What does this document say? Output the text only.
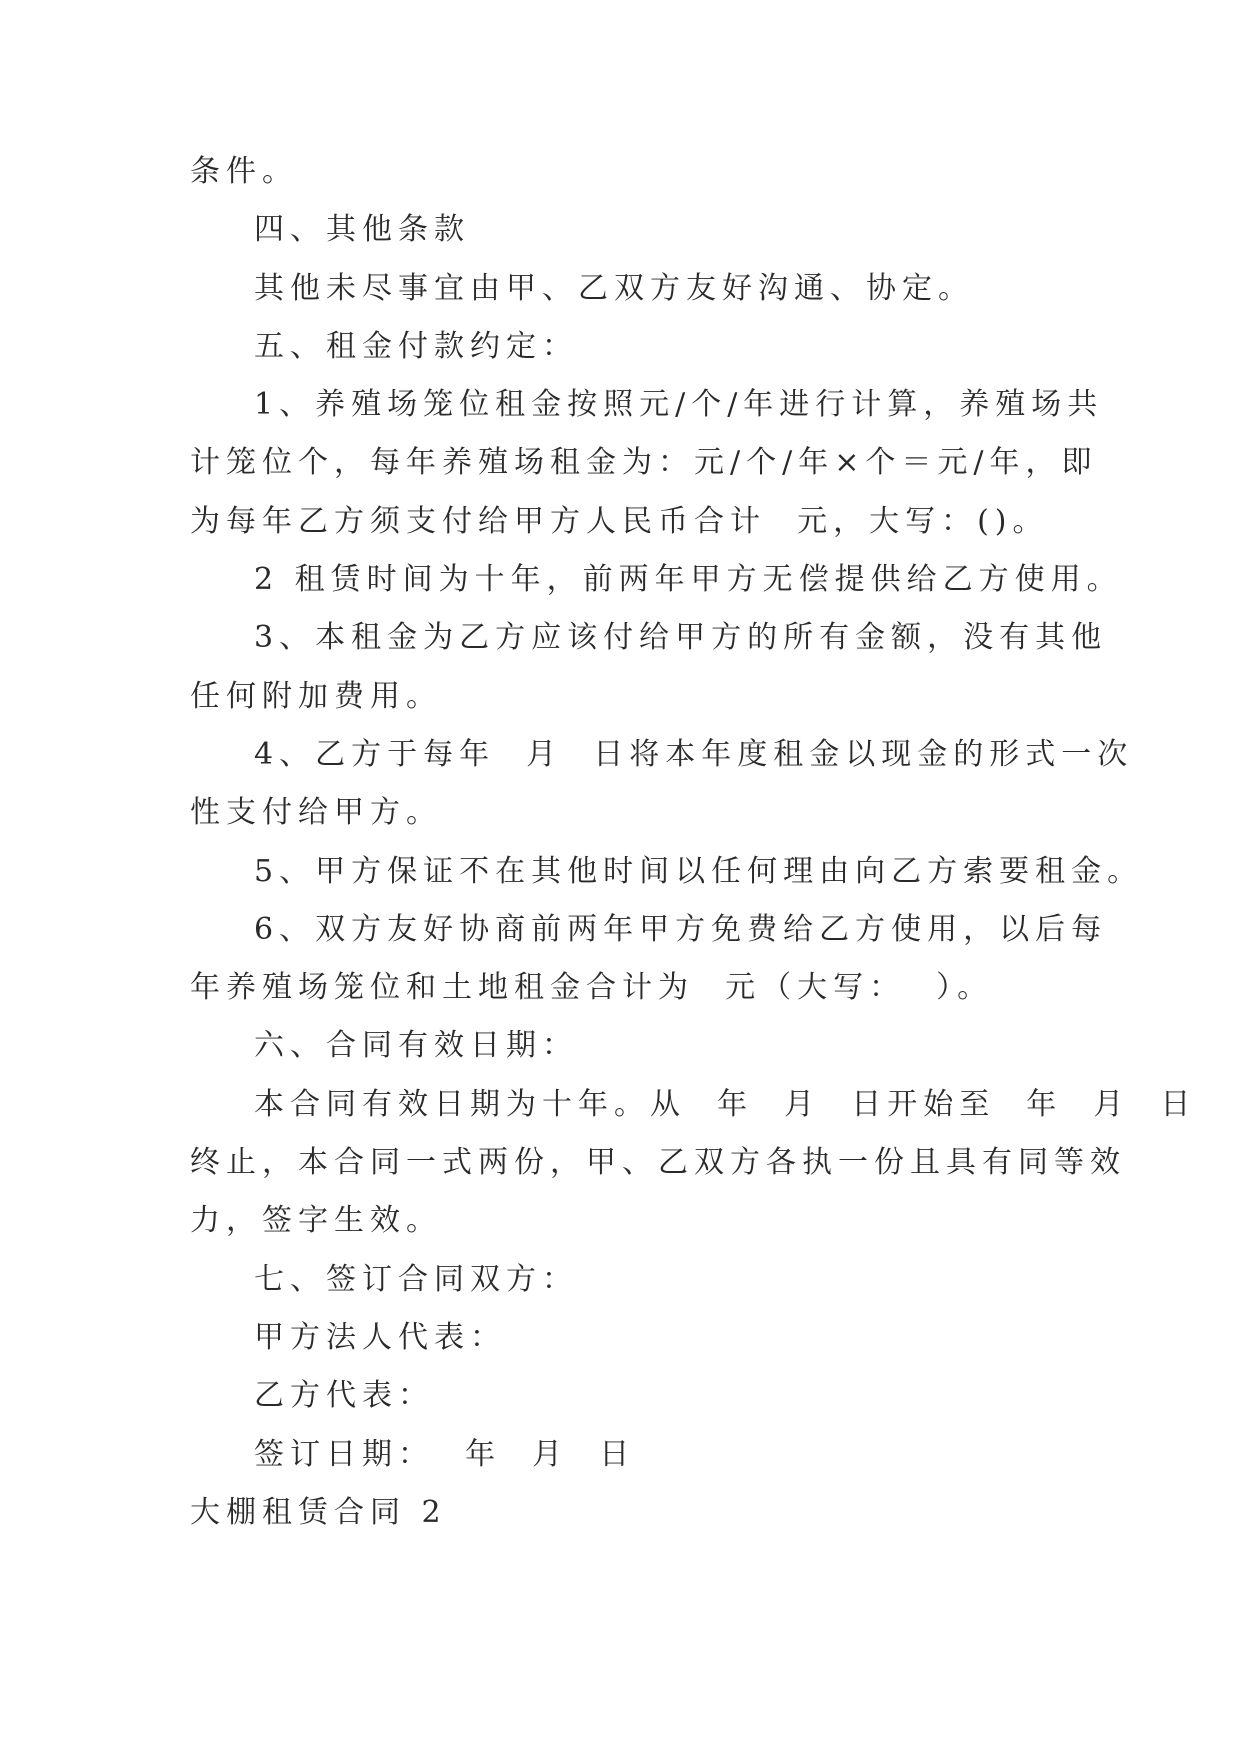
条件。

四、其他条款

其他未尽事宜由甲、乙双方友好沟通、协定。

五、租金付款约定：

1、养殖场笼位租金按照元/个/年进行计算，养殖场共

计笼位个，每年养殖场租金为：元/个/年×个＝元/年，即

为每年乙方须支付给甲方人民币合计  元，大写：()。

2 租赁时间为十年，前两年甲方无偿提供给乙方使用。

3、本租金为乙方应该付给甲方的所有金额，没有其他

任何附加费用。

4、乙方于每年  月  日将本年度租金以现金的形式一次

性支付给甲方。

5、甲方保证不在其他时间以任何理由向乙方索要租金。

6、双方友好协商前两年甲方免费给乙方使用，以后每

年养殖场笼位和土地租金合计为  元（大写：  ）。

六、合同有效日期：

本合同有效日期为十年。从  年  月  日开始至  年  月  日

终止，本合同一式两份，甲、乙双方各执一份且具有同等效

力，签字生效。

七、签订合同双方：

甲方法人代表：

乙方代表：

签订日期：  年  月  日

大棚租赁合同 2
